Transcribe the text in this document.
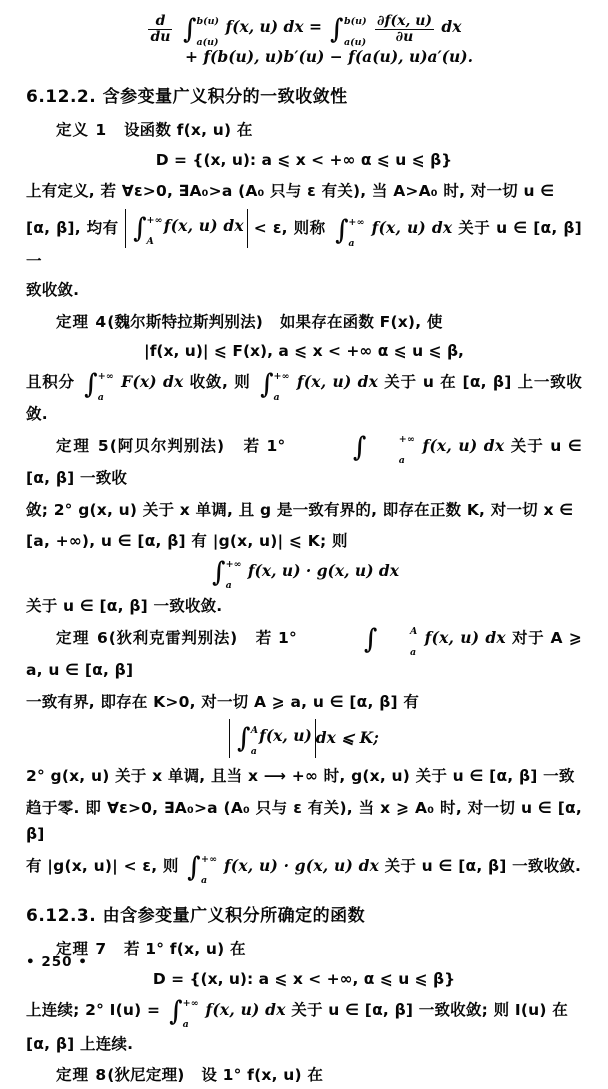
$\frac{d}{du}$ ∫ b(u)
a(u)
f(x, u) dx = ∫ b(u)
a(u)
$\frac{\partial f(x, u)}{\partial u}$ dx
+ f(b(u), u)b′(u) − f(a(u), u)a′(u).
6.12.2. 含参变量广义积分的一致收敛性
定义 1 设函数 f(x, u) 在
D = {(x, u): a ⩽ x < +∞ α ⩽ u ⩽ β}
上有定义, 若 ∀ε>0, ∃A₀>a (A₀ 只与 ε 有关), 当 A>A₀ 时, 对一切 u ∈
[α, β], 均有 ∫ +∞
A
f(x, u) dx < ε, 则称 ∫ +∞
a
f(x, u) dx 关于 u ∈ [α, β] 一
致收敛.
定理 4(魏尔斯特拉斯判别法) 如果存在函数 F(x), 使
|f(x, u)| ⩽ F(x), a ⩽ x < +∞ α ⩽ u ⩽ β,
且积分 ∫ +∞
a
F(x) dx 收敛, 则 ∫ +∞
a
f(x, u) dx 关于 u 在 [α, β] 上一致收敛.
定理 5(阿贝尔判别法) 若 1° ∫	+∞
a
f(x, u) dx 关于 u ∈ [α, β] 一致收
敛; 2° g(x, u) 关于 x 单调, 且 g 是一致有界的, 即存在正数 K, 对一切 x ∈
[a, +∞), u ∈ [α, β] 有 |g(x, u)| ⩽ K; 则
∫ +∞
a
f(x, u) · g(x, u) dx
关于 u ∈ [α, β] 一致收敛.
定理 6(狄利克雷判别法) 若 1° ∫	A
a
f(x, u) dx 对于 A ⩾ a, u ∈ [α, β]
一致有界, 即存在 K>0, 对一切 A ⩾ a, u ∈ [α, β] 有
∫ A
a
f(x, u) dx ⩽ K;
2° g(x, u) 关于 x 单调, 且当 x ⟶ +∞ 时, g(x, u) 关于 u ∈ [α, β] 一致
趋于零. 即 ∀ε>0, ∃A₀>a (A₀ 只与 ε 有关), 当 x ⩾ A₀ 时, 对一切 u ∈ [α, β]
有 |g(x, u)| < ε, 则 ∫ +∞
a
f(x, u) · g(x, u) dx 关于 u ∈ [α, β] 一致收敛.
6.12.3. 由含参变量广义积分所确定的函数
定理 7 若 1° f(x, u) 在
D = {(x, u): a ⩽ x < +∞, α ⩽ u ⩽ β}
上连续; 2° I(u) = ∫ +∞
a
f(x, u) dx 关于 u ∈ [α, β] 一致收敛; 则 I(u) 在
[α, β] 上连续.
定理 8(狄尼定理) 设 1° f(x, u) 在
• 250 •
